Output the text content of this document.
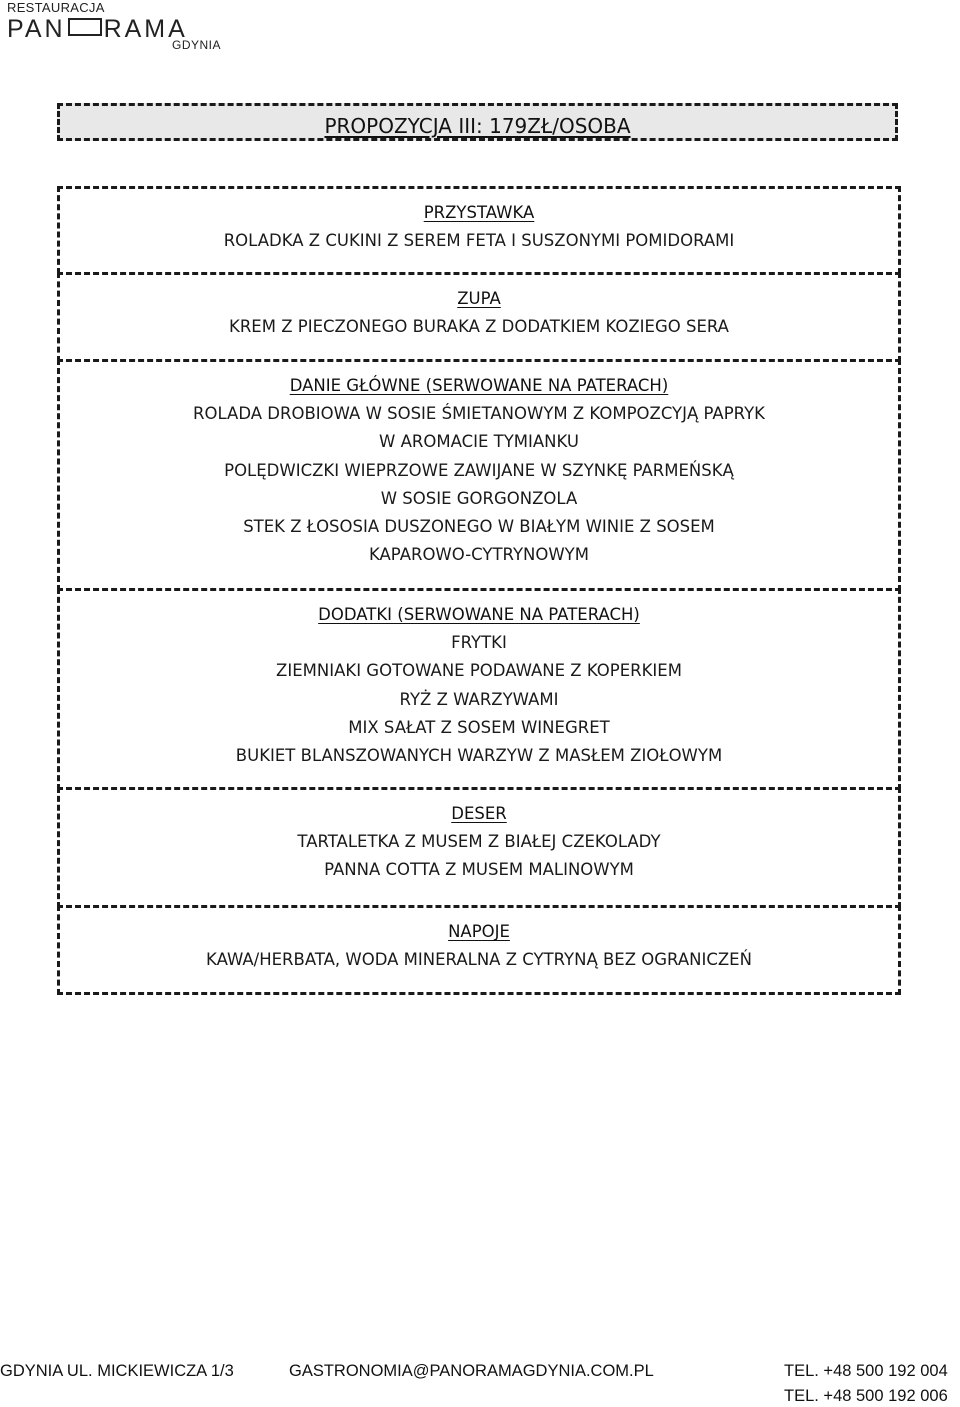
RESTAURACJA
PAN RAMA
GDYNIA
PROPOZYCJA III: 179ZŁ/OSOBA
PRZYSTAWKA
ROLADKA Z CUKINI Z SEREM FETA I SUSZONYMI POMIDORAMI
ZUPA
KREM Z PIECZONEGO BURAKA Z DODATKIEM KOZIEGO SERA
DANIE GŁÓWNE (SERWOWANE NA PATERACH)
ROLADA DROBIOWA W SOSIE ŚMIETANOWYM Z KOMPOZCYJĄ PAPRYK
W AROMACIE TYMIANKU
POLĘDWICZKI WIEPRZOWE ZAWIJANE W SZYNKĘ PARMEŃSKĄ
W SOSIE GORGONZOLA
STEK Z ŁOSOSIA DUSZONEGO W BIAŁYM WINIE Z SOSEM
KAPAROWO-CYTRYNOWYM
DODATKI (SERWOWANE NA PATERACH)
FRYTKI
ZIEMNIAKI GOTOWANE PODAWANE Z KOPERKIEM
RYŻ Z WARZYWAMI
MIX SAŁAT Z SOSEM WINEGRET
BUKIET BLANSZOWANYCH WARZYW Z MASŁEM ZIOŁOWYM
DESER
TARTALETKA Z MUSEM Z BIAŁEJ CZEKOLADY
PANNA COTTA Z MUSEM MALINOWYM
NAPOJE
KAWA/HERBATA, WODA MINERALNA Z CYTRYNĄ BEZ OGRANICZEŃ
GDYNIA UL. MICKIEWICZA 1/3	GASTRONOMIA@PANORAMAGDYNIA.COM.PL	TEL. +48 500 192 004
TEL. +48 500 192 006
